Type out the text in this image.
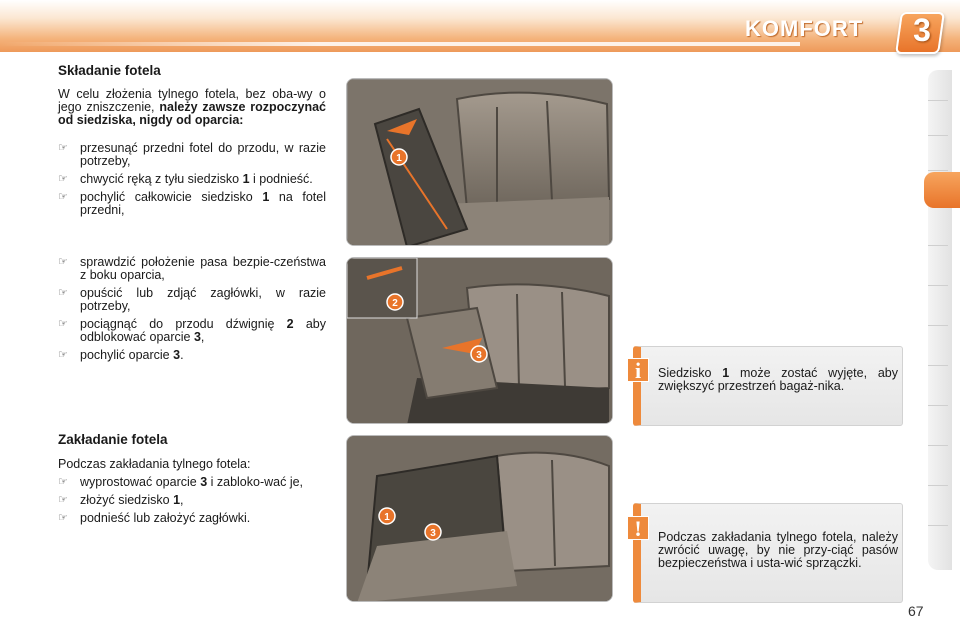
KOMFORT 3
Składanie fotela
W celu złożenia tylnego fotela, bez oba-wy o jego zniszczenie, należy zawsze rozpoczynać od siedziska, nigdy od oparcia:
☞ przesunąć przedni fotel do przodu, w razie potrzeby,
☞ chwycić ręką z tyłu siedzisko 1 i podnieść.
☞ pochylić całkowicie siedzisko 1 na fotel przedni,
☞ sprawdzić położenie pasa bezpie-czeństwa z boku oparcia,
☞ opuścić lub zdjąć zagłówki, w razie potrzeby,
☞ pociągnąć do przodu dźwignię 2 aby odblokować oparcie 3,
☞ pochylić oparcie 3.
Zakładanie fotela
Podczas zakładania tylnego fotela:
☞ wyprostować oparcie 3 i zabloko-wać je,
☞ złożyć siedzisko 1,
☞ podnieść lub założyć zagłówki.
1
2
3
1
3
i	Siedzisko 1 może zostać wyjęte, aby zwiększyć przestrzeń bagaż-nika.
!	Podczas zakładania tylnego fotela, należy zwrócić uwagę, by nie przy-ciąć pasów bezpieczeństwa i usta-wić sprzączki.
67
